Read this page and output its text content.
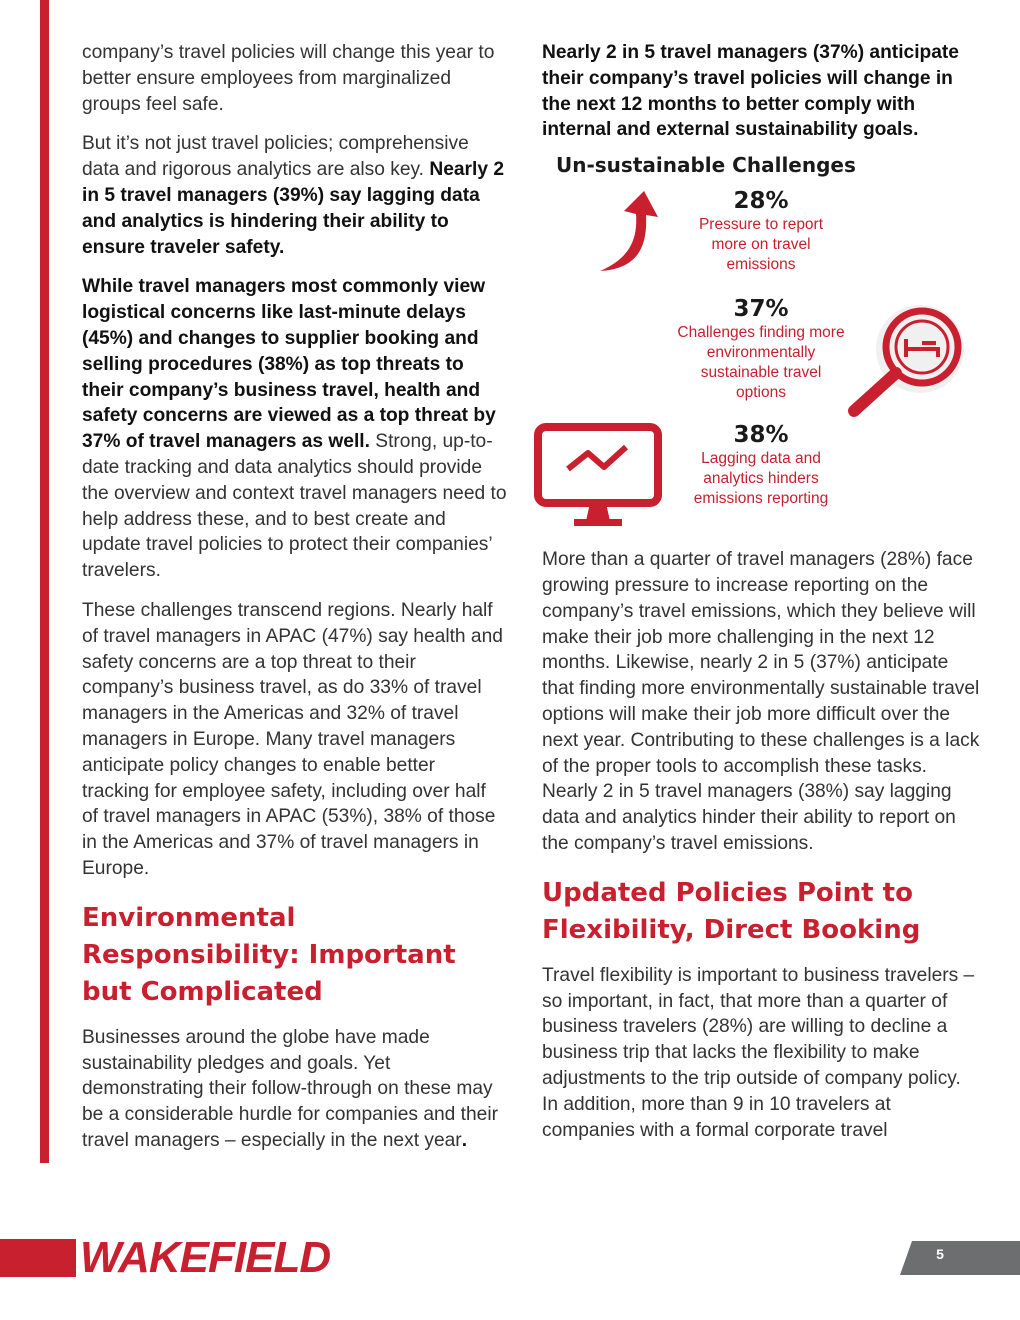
company’s travel policies will change this year to better ensure employees from marginalized groups feel safe.

But it’s not just travel policies; comprehensive data and rigorous analytics are also key. Nearly 2 in 5 travel managers (39%) say lagging data and analytics is hindering their ability to ensure traveler safety.

While travel managers most commonly view logistical concerns like last-minute delays (45%) and changes to supplier booking and selling procedures (38%) as top threats to their company’s business travel, health and safety concerns are viewed as a top threat by 37% of travel managers as well. Strong, up-to-date tracking and data analytics should provide the overview and context travel managers need to help address these, and to best create and update travel policies to protect their companies’ travelers.

These challenges transcend regions. Nearly half of travel managers in APAC (47%) say health and safety concerns are a top threat to their company’s business travel, as do 33% of travel managers in the Americas and 32% of travel managers in Europe. Many travel managers anticipate policy changes to enable better tracking for employee safety, including over half of travel managers in APAC (53%), 38% of those in the Americas and 37% of travel managers in Europe.

Environmental Responsibility: Important but Complicated

Businesses around the globe have made sustainability pledges and goals. Yet demonstrating their follow-through on these may be a considerable hurdle for companies and their travel managers – especially in the next year.

Nearly 2 in 5 travel managers (37%) anticipate their company’s travel policies will change in the next 12 months to better comply with internal and external sustainability goals.

Un-sustainable Challenges
28%
Pressure to report more on travel emissions
37%
Challenges finding more environmentally sustainable travel options
38%
Lagging data and analytics hinders emissions reporting

More than a quarter of travel managers (28%) face growing pressure to increase reporting on the company’s travel emissions, which they believe will make their job more challenging in the next 12 months. Likewise, nearly 2 in 5 (37%) anticipate that finding more environmentally sustainable travel options will make their job more difficult over the next year. Contributing to these challenges is a lack of the proper tools to accomplish these tasks. Nearly 2 in 5 travel managers (38%) say lagging data and analytics hinder their ability to report on the company’s travel emissions.

Updated Policies Point to Flexibility, Direct Booking

Travel flexibility is important to business travelers – so important, in fact, that more than a quarter of business travelers (28%) are willing to decline a business trip that lacks the flexibility to make adjustments to the trip outside of company policy. In addition, more than 9 in 10 travelers at companies with a formal corporate travel

WAKEFIELD	5
